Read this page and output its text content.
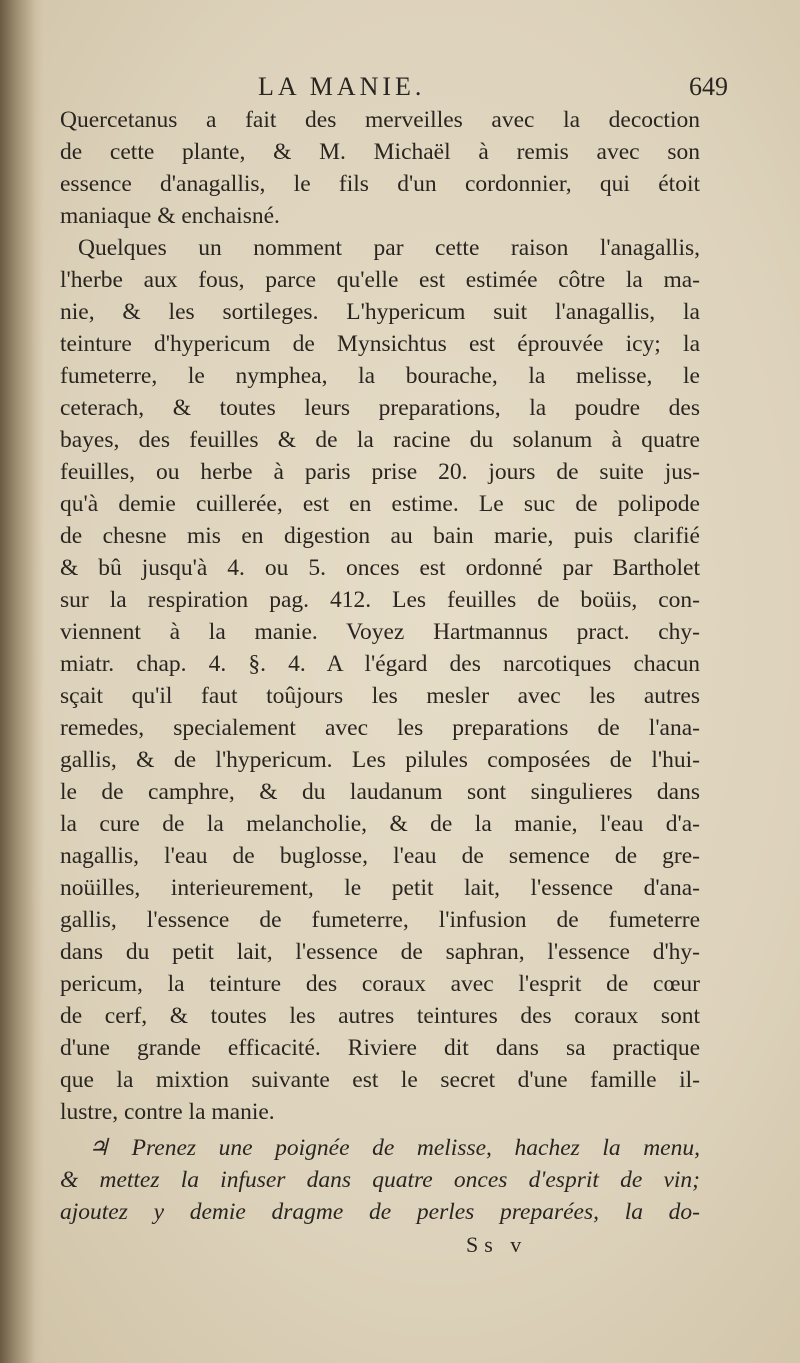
LA MANIE.	649
Quercetanus a fait des merveilles avec la decoction
de cette plante, & M. Michaël à remis avec son
essence d'anagallis, le fils d'un cordonnier, qui étoit
maniaque & enchaisné.
Quelques un nomment par cette raison l'anagallis,
l'herbe aux fous, parce qu'elle est estimée côtre la ma-
nie, & les sortileges. L'hypericum suit l'anagallis, la
teinture d'hypericum de Mynsichtus est éprouvée icy; la
fumeterre, le nymphea, la bourache, la melisse, le
ceterach, & toutes leurs preparations, la poudre des
bayes, des feuilles & de la racine du solanum à quatre
feuilles, ou herbe à paris prise 20. jours de suite jus-
qu'à demie cuillerée, est en estime. Le suc de polipode
de chesne mis en digestion au bain marie, puis clarifié
& bû jusqu'à 4. ou 5. onces est ordonné par Bartholet
sur la respiration pag. 412. Les feuilles de boüis, con-
viennent à la manie. Voyez Hartmannus pract. chy-
miatr. chap. 4. §. 4. A l'égard des narcotiques chacun
sçait qu'il faut toûjours les mesler avec les autres
remedes, specialement avec les preparations de l'ana-
gallis, & de l'hypericum. Les pilules composées de l'hui-
le de camphre, & du laudanum sont singulieres dans
la cure de la melancholie, & de la manie, l'eau d'a-
nagallis, l'eau de buglosse, l'eau de semence de gre-
noüilles, interieurement, le petit lait, l'essence d'ana-
gallis, l'essence de fumeterre, l'infusion de fumeterre
dans du petit lait, l'essence de saphran, l'essence d'hy-
pericum, la teinture des coraux avec l'esprit de cœur
de cerf, & toutes les autres teintures des coraux sont
d'une grande efficacité. Riviere dit dans sa practique
que la mixtion suivante est le secret d'une famille il-
lustre, contre la manie.
♃ Prenez une poignée de melisse, hachez la menu,
& mettez la infuser dans quatre onces d'esprit de vin;
ajoutez y demie dragme de perles preparées, la do-
Ss v
